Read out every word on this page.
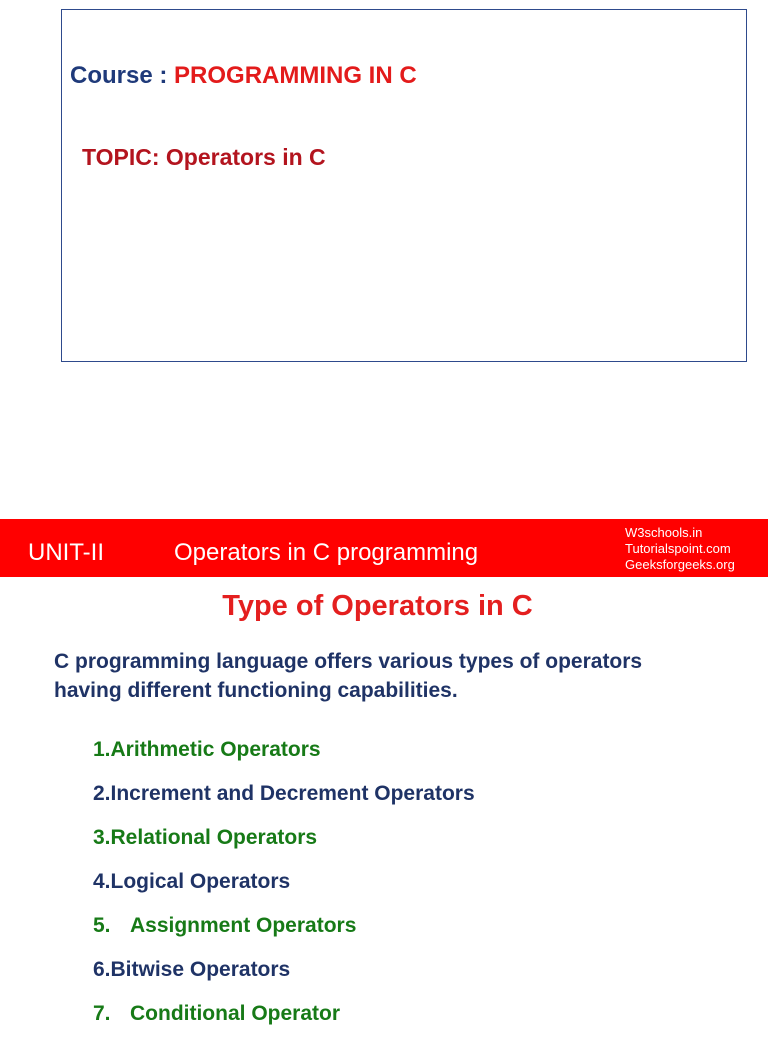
Course : PROGRAMMING IN C
TOPIC: Operators in C
UNIT-II	Operators in C programming
W3schools.in
Tutorialspoint.com
Geeksforgeeks.org
Type of Operators in C
C programming language offers various types of operators
having different functioning capabilities.
1.Arithmetic Operators
2.Increment and Decrement Operators
3.Relational Operators
4.Logical Operators
5. Assignment Operators
6.Bitwise Operators
7. Conditional Operator
